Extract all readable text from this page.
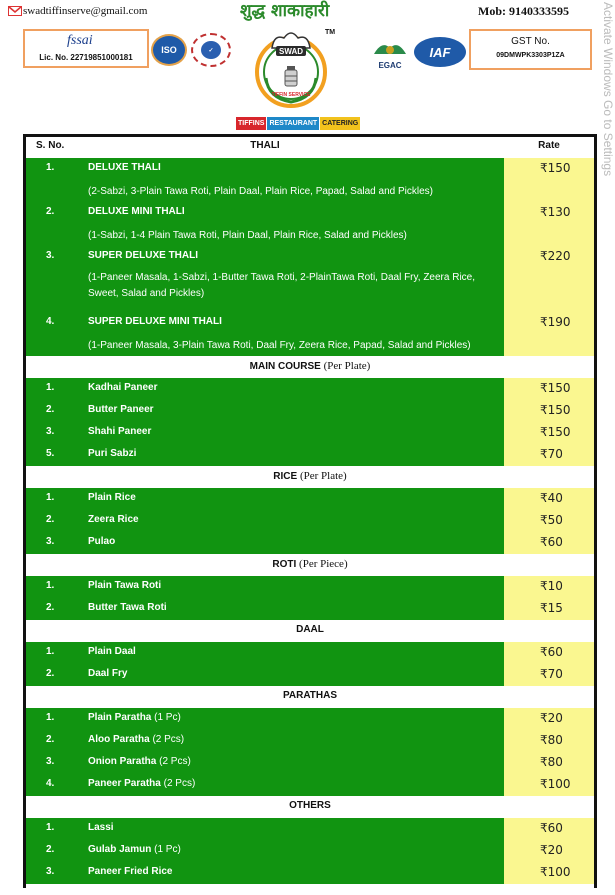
swadtiffinserve@gmail.com	शुद्ध शाकाहारी	Mob: 9140333595	Activate Windows Go to Settings
fssai
Lic. No. 22719851000181
ISO	✓	SWAD
TIFFIN SERVICE
TM
EGAC
IAF
GST No.
09DMWPK3303P1ZA
TIFFINS RESTAURANT CATERING
S. No.	THALI	Rate
1.	DELUXE THALI	₹150
(2-Sabzi, 3-Plain Tawa Roti, Plain Daal, Plain Rice, Papad, Salad and Pickles)
2.	DELUXE MINI THALI	₹130
(1-Sabzi, 1-4 Plain Tawa Roti, Plain Daal, Plain Rice, Salad and Pickles)
3.	SUPER DELUXE THALI	₹220
(1-Paneer Masala, 1-Sabzi, 1-Butter Tawa Roti, 2-PlainTawa Roti, Daal Fry, Zeera Rice, Sweet, Salad and Pickles)
4.	SUPER DELUXE MINI THALI	₹190
(1-Paneer Masala, 3-Plain Tawa Roti, Daal Fry, Zeera Rice, Papad, Salad and Pickles)
MAIN COURSE (Per Plate)
1.	Kadhai Paneer	₹150
2.	Butter Paneer	₹150
3.	Shahi Paneer	₹150
5.	Puri Sabzi	₹70
RICE (Per Plate)
1.	Plain Rice	₹40
2.	Zeera Rice	₹50
3.	Pulao	₹60
ROTI (Per Piece)
1.	Plain Tawa Roti	₹10
2.	Butter Tawa Roti	₹15
DAAL
1.	Plain Daal	₹60
2.	Daal Fry	₹70
PARATHAS
1.	Plain Paratha (1 Pc)	₹20
2.	Aloo Paratha (2 Pcs)	₹80
3.	Onion Paratha (2 Pcs)	₹80
4.	Paneer Paratha (2 Pcs)	₹100
OTHERS
1.	Lassi	₹60
2.	Gulab Jamun (1 Pc)	₹20
3.	Paneer Fried Rice	₹100
